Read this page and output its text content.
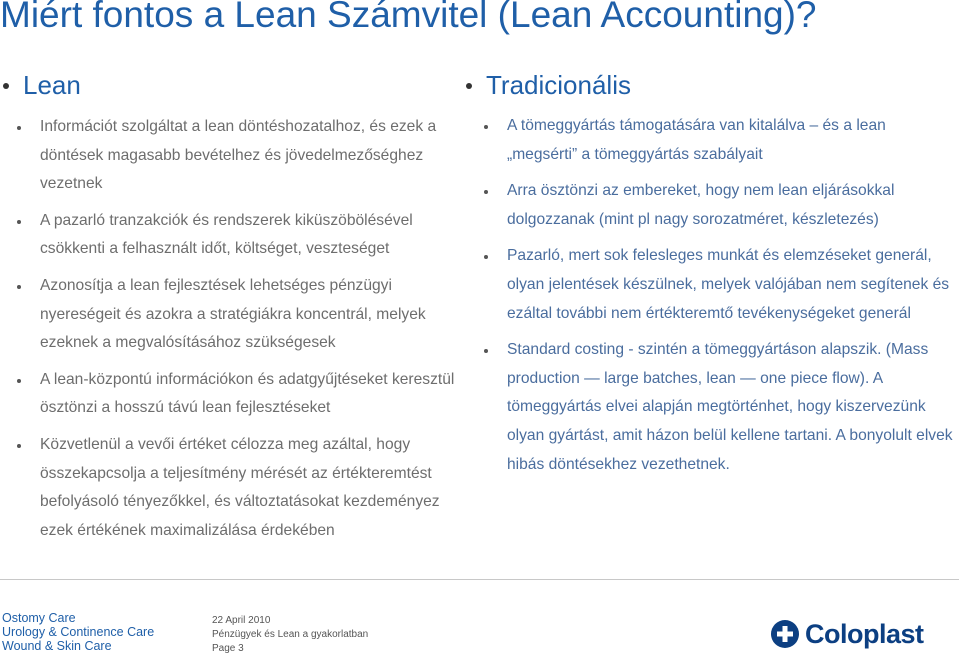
Miért fontos a Lean Számvitel (Lean Accounting)?
Lean	Tradicionális
Információt szolgáltat a lean döntéshozatalhoz, és ezek a döntések magasabb bevételhez és jövedelmezőséghez vezetnek
A pazarló tranzakciók és rendszerek kiküszöbölésével csökkenti a felhasznált időt, költséget, veszteséget
Azonosítja a lean fejlesztések lehetséges pénzügyi nyereségeit és azokra a stratégiákra koncentrál, melyek ezeknek a megvalósításához szükségesek
A lean-központú információkon és adatgyűjtéseket keresztül ösztönzi a hosszú távú lean fejlesztéseket
Közvetlenül a vevői értéket célozza meg azáltal, hogy összekapcsolja a teljesítmény mérését az értékteremtést befolyásoló tényezőkkel, és változtatásokat kezdeményez ezek értékének maximalizálása érdekében
A tömeggyártás támogatására van kitalálva – és a lean „megsérti” a tömeggyártás szabályait
Arra ösztönzi az embereket, hogy nem lean eljárásokkal dolgozzanak (mint pl nagy sorozatméret, készletezés)
Pazarló, mert sok felesleges munkát és elemzéseket generál, olyan jelentések készülnek, melyek valójában nem segítenek és ezáltal további nem értékteremtő tevékenységeket generál
Standard costing - szintén a tömeggyártáson alapszik. (Mass production — large batches, lean — one piece flow). A tömeggyártás elvei alapján megtörténhet, hogy kiszervezünk olyan gyártást, amit házon belül kellene tartani. A bonyolult elvek hibás döntésekhez vezethetnek.
Ostomy Care
Urology & Continence Care
Wound & Skin Care
22 April 2010
Pénzügyek és Lean a gyakorlatban
Page 3	Coloplast
